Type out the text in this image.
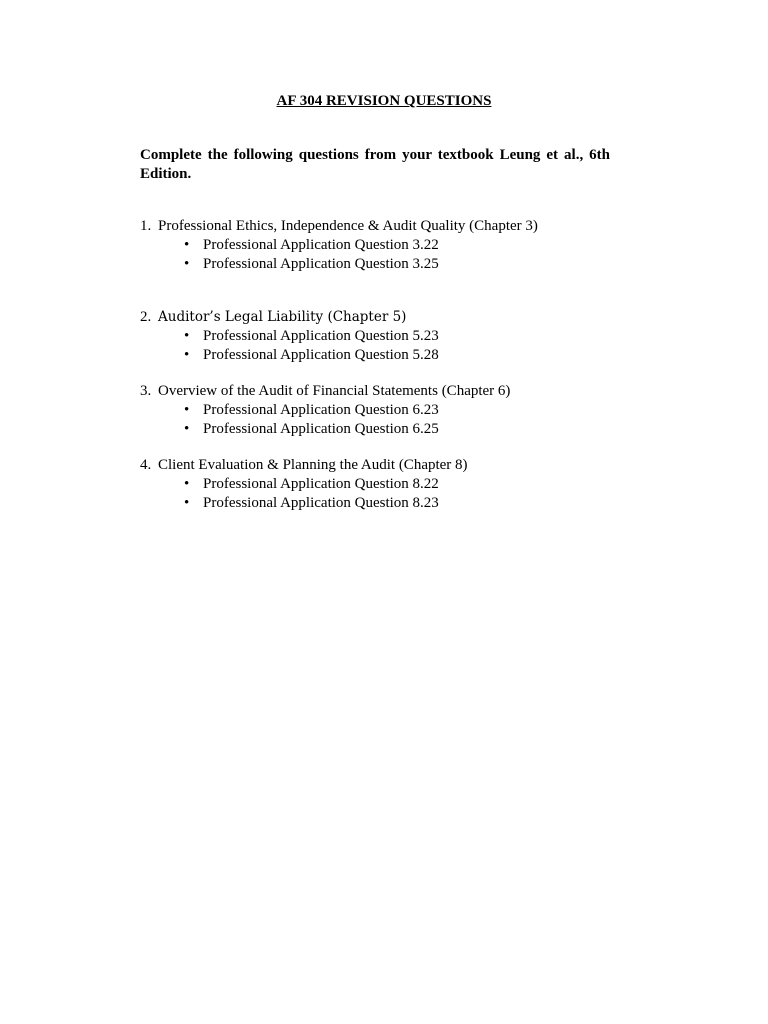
AF 304 REVISION QUESTIONS
Complete the following questions from your textbook Leung et al., 6th Edition.
1. Professional Ethics, Independence & Audit Quality (Chapter 3)
• Professional Application Question 3.22
• Professional Application Question 3.25
2. Auditor’s Legal Liability (Chapter 5)
• Professional Application Question 5.23
• Professional Application Question 5.28
3. Overview of the Audit of Financial Statements (Chapter 6)
• Professional Application Question 6.23
• Professional Application Question 6.25
4. Client Evaluation & Planning the Audit (Chapter 8)
• Professional Application Question 8.22
• Professional Application Question 8.23
